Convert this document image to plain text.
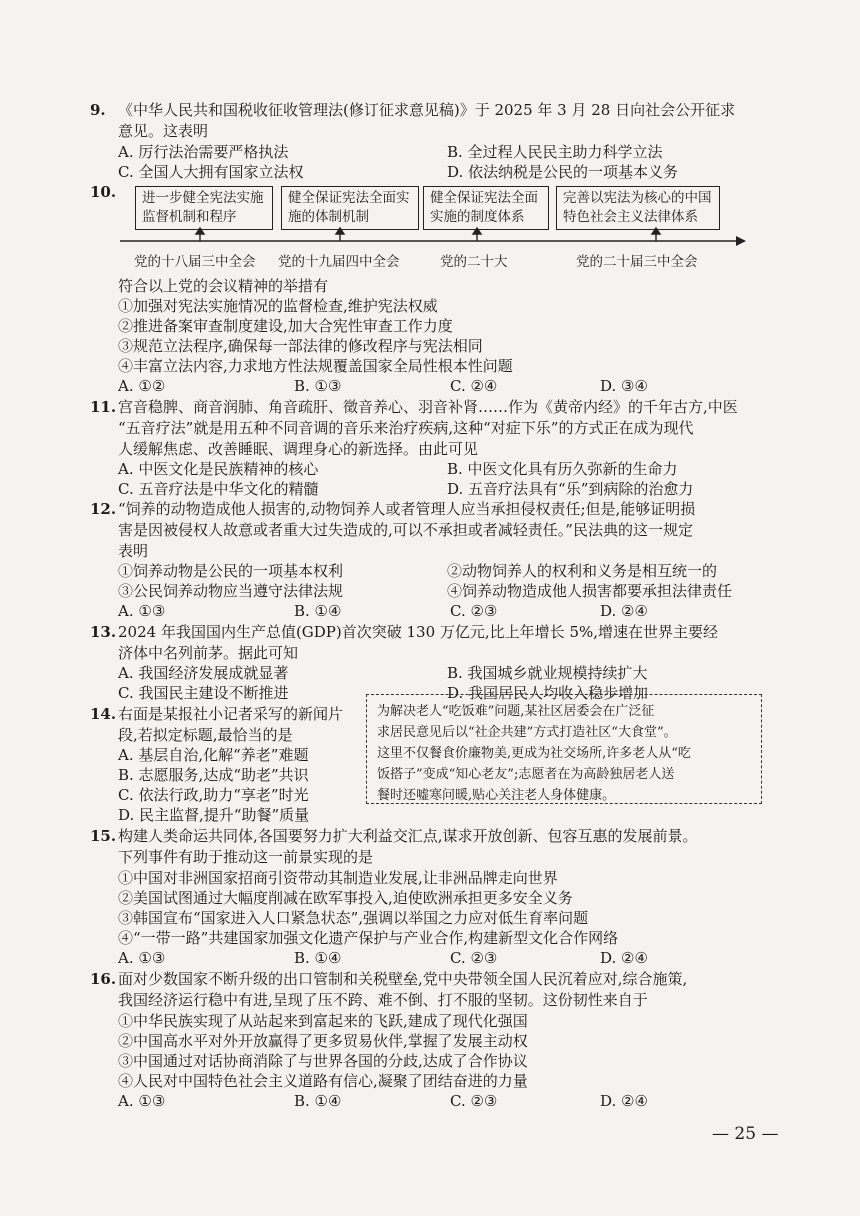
9. 《中华人民共和国税收征收管理法(修订征求意见稿)》于 2025 年 3 月 28 日向社会公开征求
意见。这表明
A. 厉行法治需要严格执法	B. 全过程人民民主助力科学立法
C. 全国人大拥有国家立法权	D. 依法纳税是公民的一项基本义务
10.	进一步健全宪法实施监督机制和程序
健全保证宪法全面实施的体制机制
健全保证宪法全面实施的制度体系
完善以宪法为核心的中国特色社会主义法律体系
党的十八届三中全会 党的十九届四中全会	党的二十大	党的二十届三中全会
符合以上党的会议精神的举措有
①加强对宪法实施情况的监督检查,维护宪法权威
②推进备案审查制度建设,加大合宪性审查工作力度
③规范立法程序,确保每一部法律的修改程序与宪法相同
④丰富立法内容,力求地方性法规覆盖国家全局性根本性问题
A. ①②	B. ①③	C. ②④	D. ③④
11. 宫音稳脾、商音润肺、角音疏肝、徵音养心、羽音补肾……作为《黄帝内经》的千年古方,中医
“五音疗法”就是用五种不同音调的音乐来治疗疾病,这种“对症下乐”的方式正在成为现代
人缓解焦虑、改善睡眠、调理身心的新选择。由此可见
A. 中医文化是民族精神的核心	B. 中医文化具有历久弥新的生命力
C. 五音疗法是中华文化的精髓	D. 五音疗法具有“乐”到病除的治愈力
12. “饲养的动物造成他人损害的,动物饲养人或者管理人应当承担侵权责任;但是,能够证明损
害是因被侵权人故意或者重大过失造成的,可以不承担或者减轻责任。”民法典的这一规定
表明
①饲养动物是公民的一项基本权利	②动物饲养人的权利和义务是相互统一的
③公民饲养动物应当遵守法律法规	④饲养动物造成他人损害都要承担法律责任
A. ①③	B. ①④	C. ②③	D. ②④
13. 2024 年我国国内生产总值(GDP)首次突破 130 万亿元,比上年增长 5%,增速在世界主要经
济体中名列前茅。据此可知
A. 我国经济发展成就显著	B. 我国城乡就业规模持续扩大
C. 我国民主建设不断推进	D. 我国居民人均收入稳步增加
14. 右面是某报社小记者采写的新闻片
段,若拟定标题,最恰当的是
A. 基层自治,化解“养老”难题
B. 志愿服务,达成“助老”共识
C. 依法行政,助力“享老”时光
D. 民主监督,提升“助餐”质量
为解决老人“吃饭难”问题,某社区居委会在广泛征
求居民意见后以“社企共建”方式打造社区“大食堂”。
这里不仅餐食价廉物美,更成为社交场所,许多老人从“吃
饭搭子”变成“知心老友”;志愿者在为高龄独居老人送
餐时还嘘寒问暖,贴心关注老人身体健康。
15. 构建人类命运共同体,各国要努力扩大利益交汇点,谋求开放创新、包容互惠的发展前景。
下列事件有助于推动这一前景实现的是
①中国对非洲国家招商引资带动其制造业发展,让非洲品牌走向世界
②美国试图通过大幅度削减在欧军事投入,迫使欧洲承担更多安全义务
③韩国宣布“国家进入人口紧急状态”,强调以举国之力应对低生育率问题
④“一带一路”共建国家加强文化遗产保护与产业合作,构建新型文化合作网络
A. ①③	B. ①④	C. ②③	D. ②④
16. 面对少数国家不断升级的出口管制和关税壁垒,党中央带领全国人民沉着应对,综合施策,
我国经济运行稳中有进,呈现了压不跨、难不倒、打不服的坚韧。这份韧性来自于
①中华民族实现了从站起来到富起来的飞跃,建成了现代化强国
②中国高水平对外开放赢得了更多贸易伙伴,掌握了发展主动权
③中国通过对话协商消除了与世界各国的分歧,达成了合作协议
④人民对中国特色社会主义道路有信心,凝聚了团结奋进的力量
A. ①③	B. ①④	C. ②③	D. ②④
— 25 —
